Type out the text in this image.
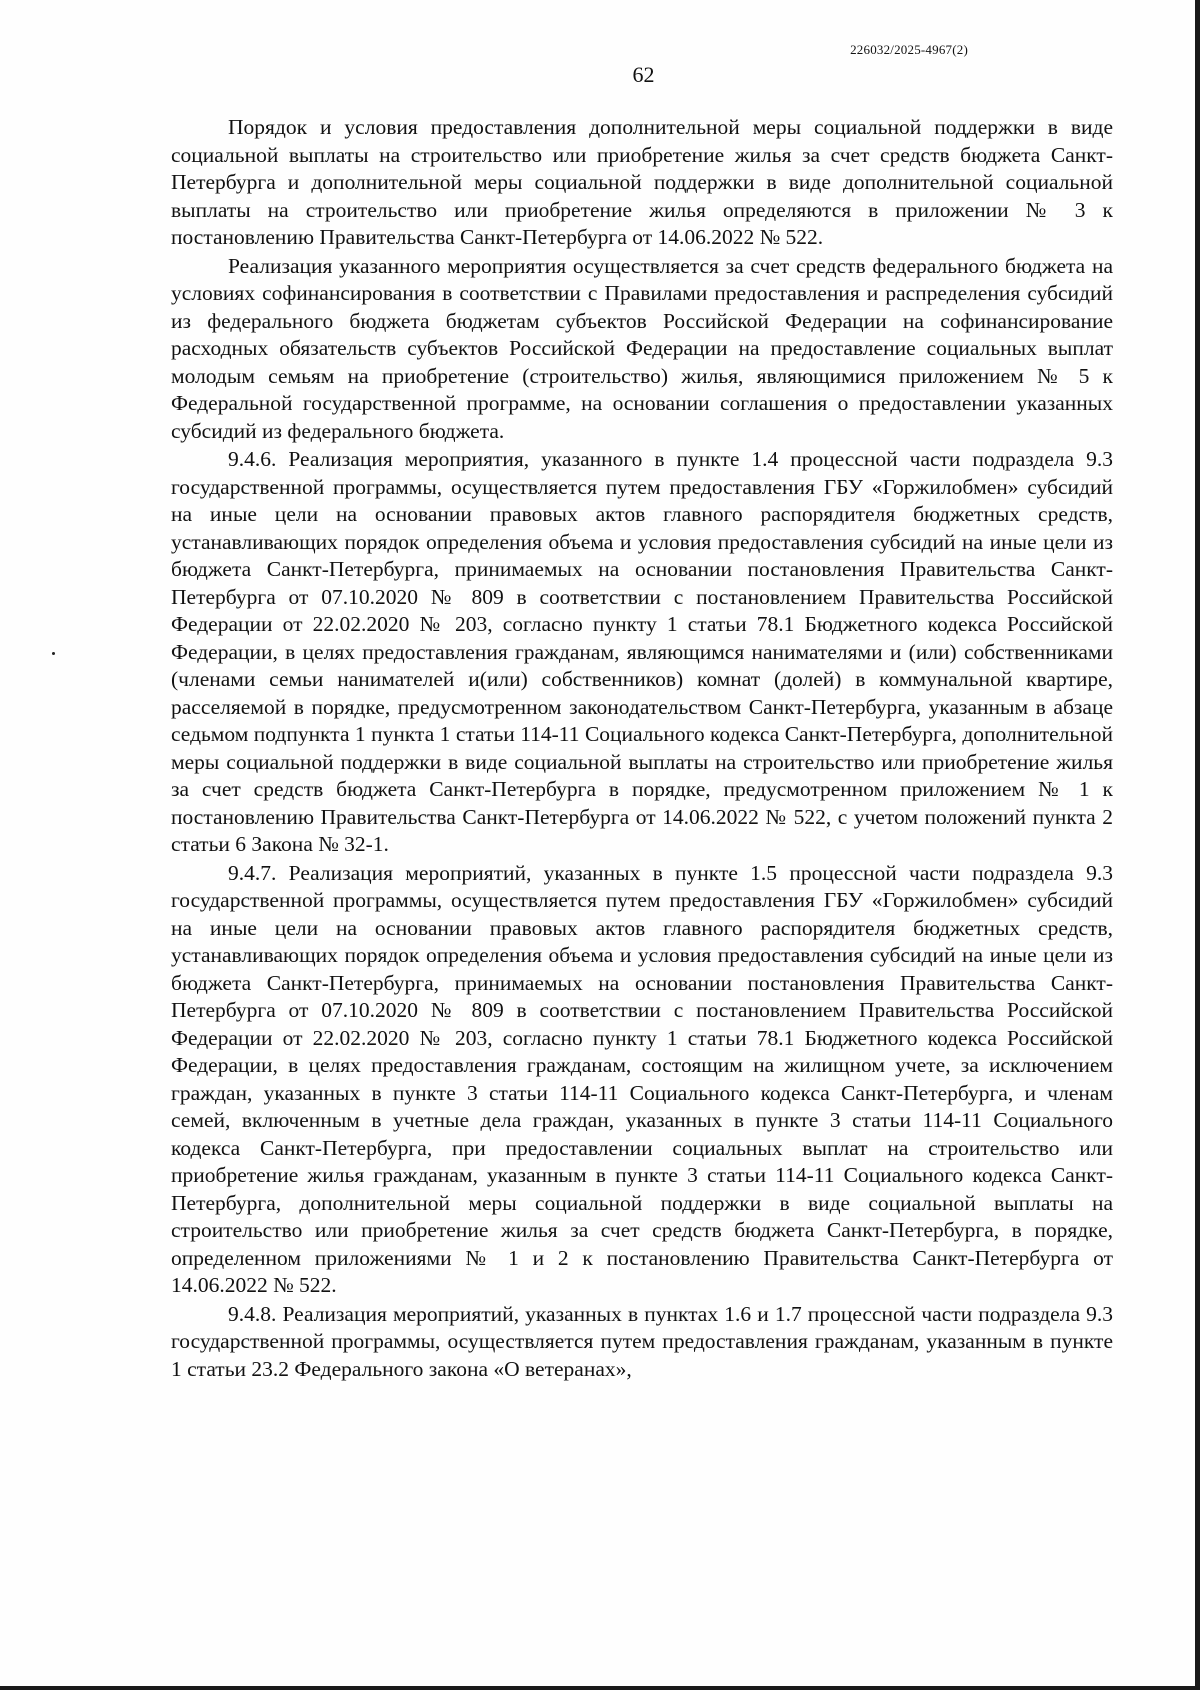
226032/2025-4967(2)
62

Порядок и условия предоставления дополнительной меры социальной поддержки в виде социальной выплаты на строительство или приобретение жилья за счет средств бюджета Санкт-Петербурга и дополнительной меры социальной поддержки в виде дополнительной социальной выплаты на строительство или приобретение жилья определяются в приложении № 3 к постановлению Правительства Санкт-Петербурга от 14.06.2022 № 522.

Реализация указанного мероприятия осуществляется за счет средств федерального бюджета на условиях софинансирования в соответствии с Правилами предоставления и распределения субсидий из федерального бюджета бюджетам субъектов Российской Федерации на софинансирование расходных обязательств субъектов Российской Федерации на предоставление социальных выплат молодым семьям на приобретение (строительство) жилья, являющимися приложением № 5 к Федеральной государственной программе, на основании соглашения о предоставлении указанных субсидий из федерального бюджета.

9.4.6. Реализация мероприятия, указанного в пункте 1.4 процессной части подраздела 9.3 государственной программы, осуществляется путем предоставления ГБУ «Горжилобмен» субсидий на иные цели на основании правовых актов главного распорядителя бюджетных средств, устанавливающих порядок определения объема и условия предоставления субсидий на иные цели из бюджета Санкт-Петербурга, принимаемых на основании постановления Правительства Санкт-Петербурга от 07.10.2020 № 809 в соответствии с постановлением Правительства Российской Федерации от 22.02.2020 № 203, согласно пункту 1 статьи 78.1 Бюджетного кодекса Российской Федерации, в целях предоставления гражданам, являющимся нанимателями и (или) собственниками (членами семьи нанимателей и(или) собственников) комнат (долей) в коммунальной квартире, расселяемой в порядке, предусмотренном законодательством Санкт-Петербурга, указанным в абзаце седьмом подпункта 1 пункта 1 статьи 114-11 Социального кодекса Санкт-Петербурга, дополнительной меры социальной поддержки в виде социальной выплаты на строительство или приобретение жилья за счет средств бюджета Санкт-Петербурга в порядке, предусмотренном приложением № 1 к постановлению Правительства Санкт-Петербурга от 14.06.2022 № 522, с учетом положений пункта 2 статьи 6 Закона № 32-1.

9.4.7. Реализация мероприятий, указанных в пункте 1.5 процессной части подраздела 9.3 государственной программы, осуществляется путем предоставления ГБУ «Горжилобмен» субсидий на иные цели на основании правовых актов главного распорядителя бюджетных средств, устанавливающих порядок определения объема и условия предоставления субсидий на иные цели из бюджета Санкт-Петербурга, принимаемых на основании постановления Правительства Санкт-Петербурга от 07.10.2020 № 809 в соответствии с постановлением Правительства Российской Федерации от 22.02.2020 № 203, согласно пункту 1 статьи 78.1 Бюджетного кодекса Российской Федерации, в целях предоставления гражданам, состоящим на жилищном учете, за исключением граждан, указанных в пункте 3 статьи 114-11 Социального кодекса Санкт-Петербурга, и членам семей, включенным в учетные дела граждан, указанных в пункте 3 статьи 114-11 Социального кодекса Санкт-Петербурга, при предоставлении социальных выплат на строительство или приобретение жилья гражданам, указанным в пункте 3 статьи 114-11 Социального кодекса Санкт-Петербурга, дополнительной меры социальной поддержки в виде социальной выплаты на строительство или приобретение жилья за счет средств бюджета Санкт-Петербурга, в порядке, определенном приложениями № 1 и 2 к постановлению Правительства Санкт-Петербурга от 14.06.2022 № 522.

9.4.8. Реализация мероприятий, указанных в пунктах 1.6 и 1.7 процессной части подраздела 9.3 государственной программы, осуществляется путем предоставления гражданам, указанным в пункте 1 статьи 23.2 Федерального закона «О ветеранах»,
